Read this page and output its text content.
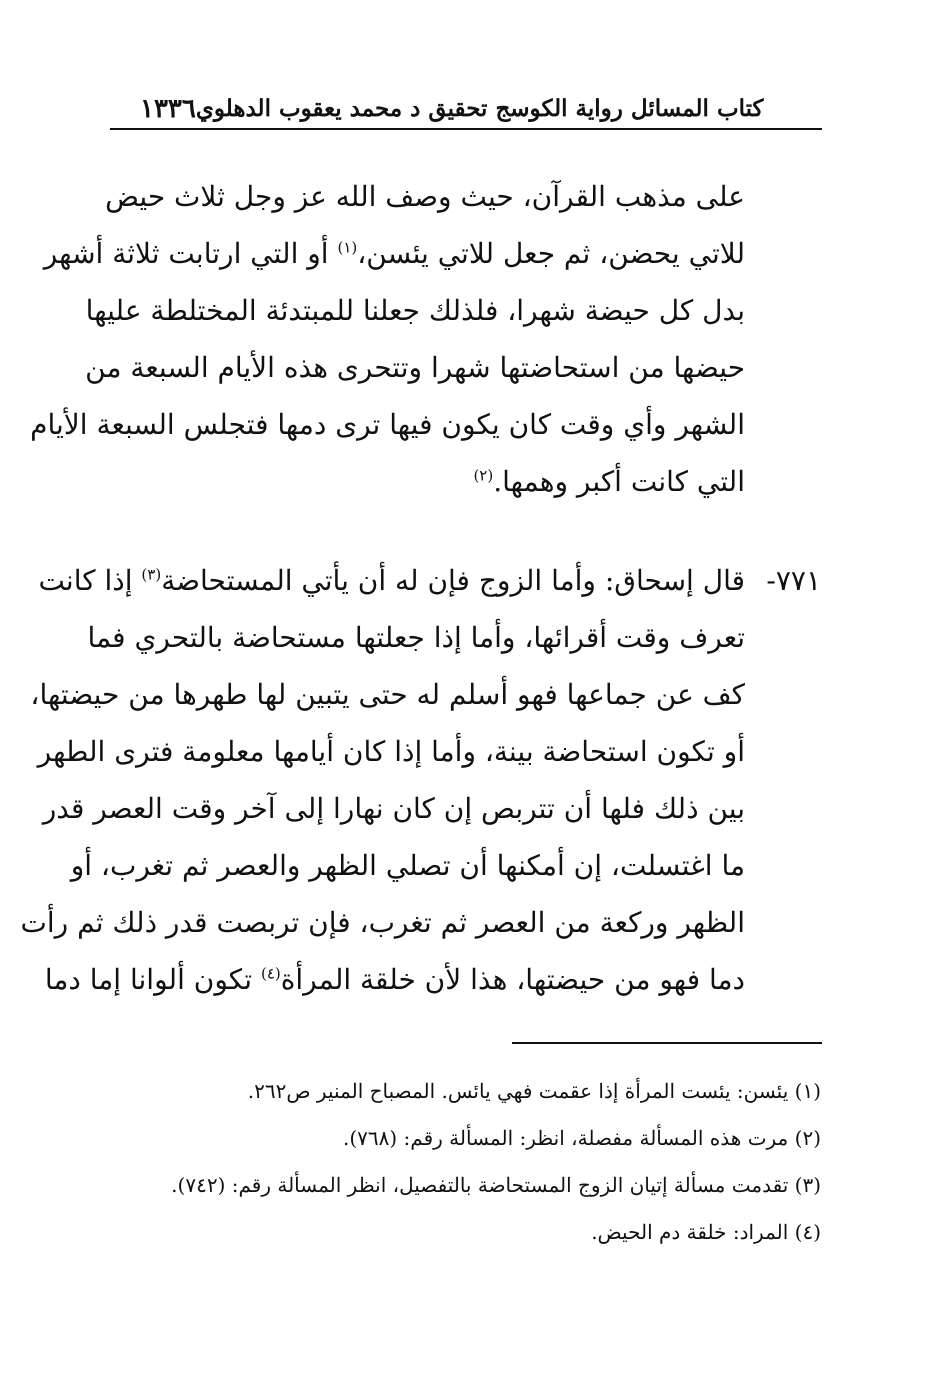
١٣٣٦ كتاب المسائل رواية الكوسج تحقيق د محمد يعقوب الدهلوي
على مذهب القرآن، حيث وصف الله عز وجل ثلاث حيض
للاتي يحضن، ثم جعل للاتي يئسن،$^{(١)}$ أو التي ارتابت ثلاثة أشهر
بدل كل حيضة شهرا، فلذلك جعلنا للمبتدئة المختلطة عليها
حيضها من استحاضتها شهرا وتتحرى هذه الأيام السبعة من
الشهر وأي وقت كان يكون فيها ترى دمها فتجلس السبعة الأيام
التي كانت أكبر وهمها.$^{(٢)}$
٧٧١-
قال إسحاق: وأما الزوج فإن له أن يأتي المستحاضة$^{(٣)}$ إذا كانت
تعرف وقت أقرائها، وأما إذا جعلتها مستحاضة بالتحري فما
كف عن جماعها فهو أسلم له حتى يتبين لها طهرها من حيضتها،
أو تكون استحاضة بينة، وأما إذا كان أيامها معلومة فترى الطهر
بين ذلك فلها أن تتربص إن كان نهارا إلى آخر وقت العصر قدر
ما اغتسلت، إن أمكنها أن تصلي الظهر والعصر ثم تغرب، أو
الظهر وركعة من العصر ثم تغرب، فإن تربصت قدر ذلك ثم رأت
دما فهو من حيضتها، هذا لأن خلقة المرأة$^{(٤)}$ تكون ألوانا إما دما
(١) يئسن: يئست المرأة إذا عقمت فهي يائس. المصباح المنير ص٢٦٢.
(٢) مرت هذه المسألة مفصلة، انظر: المسألة رقم: (٧٦٨).
(٣) تقدمت مسألة إتيان الزوج المستحاضة بالتفصيل، انظر المسألة رقم: (٧٤٢).
(٤) المراد: خلقة دم الحيض.
